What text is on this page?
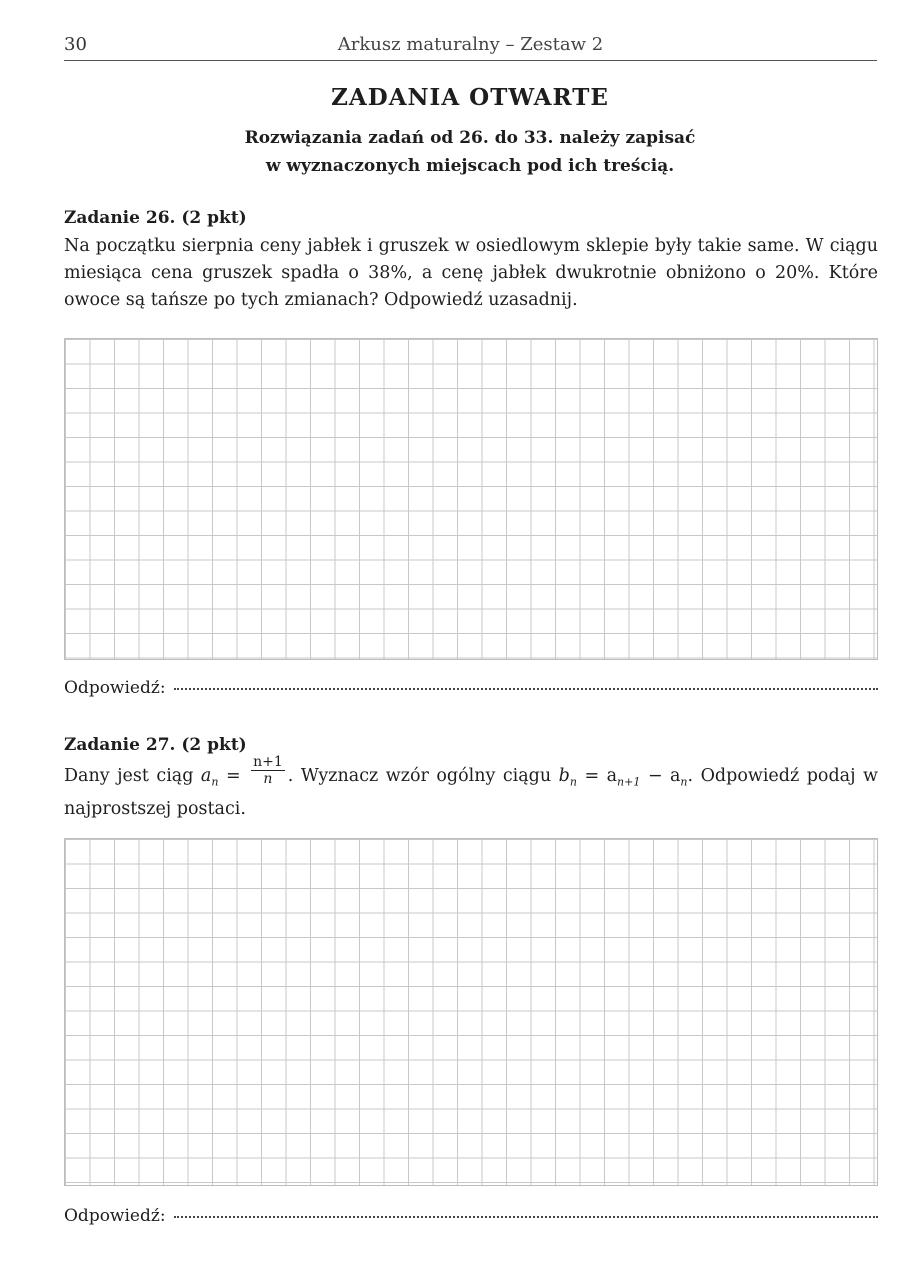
30	Arkusz maturalny – Zestaw 2
ZADANIA OTWARTE
Rozwiązania zadań od 26. do 33. należy zapisać
w wyznaczonych miejscach pod ich treścią.
Zadanie 26. (2 pkt)
Na początku sierpnia ceny jabłek i gruszek w osiedlowym sklepie były takie same. W ciągu miesiąca cena gruszek spadła o 38%, a cenę jabłek dwukrotnie obniżono o 20%. Które owoce są tańsze po tych zmianach? Odpowiedź uzasadnij.
Odpowiedź:
Zadanie 27. (2 pkt)
Dany jest ciąg $a_n = \frac{n+1}{n}$ . Wyznacz wzór ogólny ciągu $b_n = a_{n+1} - a_n$. Odpowiedź podaj w najprostszej postaci.
Odpowiedź:
